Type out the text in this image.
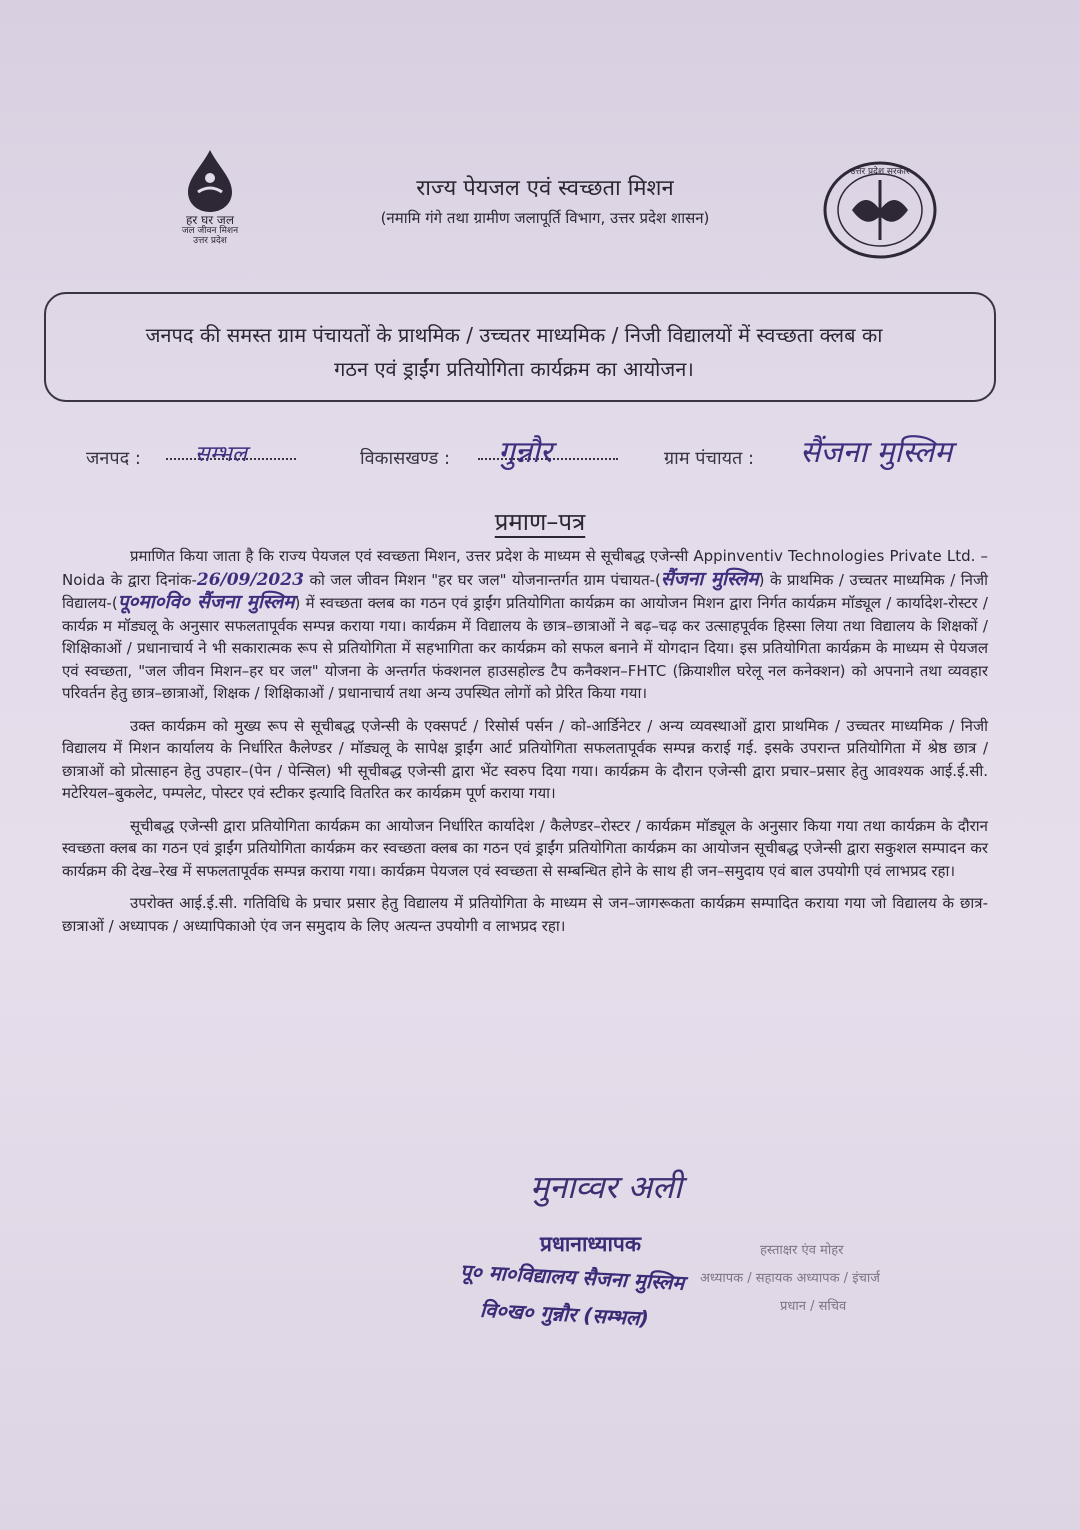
हर घर जल
जल जीवन मिशन
उत्तर प्रदेश
राज्य पेयजल एवं स्वच्छता मिशन
(नमामि गंगे तथा ग्रामीण जलापूर्ति विभाग, उत्तर प्रदेश शासन)
उत्तर प्रदेश सरकार
जनपद की समस्त ग्राम पंचायतों के प्राथमिक / उच्चतर माध्यमिक / निजी विद्यालयों में स्वच्छता क्लब का
गठन एवं ड्राईंग प्रतियोगिता कार्यक्रम का आयोजन।
जनपद : सम्भल	विकासखण्ड : गुन्नौर	ग्राम पंचायत : सैंजना मुस्लिम
प्रमाण–पत्र

प्रमाणित किया जाता है कि राज्य पेयजल एवं स्वच्छता मिशन, उत्तर प्रदेश के माध्यम से सूचीबद्ध एजेन्सी Appinventiv Technologies Private Ltd. – Noida के द्वारा दिनांक-26/09/2023 को जल जीवन मिशन "हर घर जल" योजनान्तर्गत ग्राम पंचायत-(सैंजना मुस्लिम) के प्राथमिक / उच्चतर माध्यमिक / निजी विद्यालय-(पू०मा०वि० सैंजना मुस्लिम) में स्वच्छता क्लब का गठन एवं ड्राईंग प्रतियोगिता कार्यक्रम का आयोजन मिशन द्वारा निर्गत कार्यक्रम मॉड्यूल / कार्यादेश-रोस्टर / कार्यक्र म मॉड्यलू के अनुसार सफलतापूर्वक सम्पन्न कराया गया। कार्यक्रम में विद्यालय के छात्र–छात्राओं ने बढ़–चढ़ कर उत्साहपूर्वक हिस्सा लिया तथा विद्यालय के शिक्षकों / शिक्षिकाओं / प्रधानाचार्य ने भी सकारात्मक रूप से प्रतियोगिता में सहभागिता कर कार्यक्रम को सफल बनाने में योगदान दिया। इस प्रतियोगिता कार्यक्रम के माध्यम से पेयजल एवं स्वच्छता, "जल जीवन मिशन–हर घर जल" योजना के अन्तर्गत फंक्शनल हाउसहोल्ड टैप कनैक्शन–FHTC (क्रियाशील घरेलू नल कनेक्शन) को अपनाने तथा व्यवहार परिवर्तन हेतु छात्र–छात्राओं, शिक्षक / शिक्षिकाओं / प्रधानाचार्य तथा अन्य उपस्थित लोगों को प्रेरित किया गया।

उक्त कार्यक्रम को मुख्य रूप से सूचीबद्ध एजेन्सी के एक्सपर्ट / रिसोर्स पर्सन / को-आर्डिनेटर / अन्य व्यवस्थाओं द्वारा प्राथमिक / उच्चतर माध्यमिक / निजी विद्यालय में मिशन कार्यालय के निर्धारित कैलेण्डर / मॉड्यलू के सापेक्ष ड्राईंग आर्ट प्रतियोगिता सफलतापूर्वक सम्पन्न कराई गई. इसके उपरान्त प्रतियोगिता में श्रेष्ठ छात्र / छात्राओं को प्रोत्साहन हेतु उपहार–(पेन / पेन्सिल) भी सूचीबद्ध एजेन्सी द्वारा भेंट स्वरुप दिया गया। कार्यक्रम के दौरान एजेन्सी द्वारा प्रचार–प्रसार हेतु आवश्यक आई.ई.सी. मटेरियल–बुकलेट, पम्पलेट, पोस्टर एवं स्टीकर इत्यादि वितरित कर कार्यक्रम पूर्ण कराया गया।

सूचीबद्ध एजेन्सी द्वारा प्रतियोगिता कार्यक्रम का आयोजन निर्धारित कार्यादेश / कैलेण्डर–रोस्टर / कार्यक्रम मॉड्यूल के अनुसार किया गया तथा कार्यक्रम के दौरान स्वच्छता क्लब का गठन एवं ड्राईंग प्रतियोगिता कार्यक्रम कर स्वच्छता क्लब का गठन एवं ड्राईंग प्रतियोगिता कार्यक्रम का आयोजन सूचीबद्ध एजेन्सी द्वारा सकुशल सम्पादन कर कार्यक्रम की देख–रेख में सफलतापूर्वक सम्पन्न कराया गया। कार्यक्रम पेयजल एवं स्वच्छता से सम्बन्धित होने के साथ ही जन–समुदाय एवं बाल उपयोगी एवं लाभप्रद रहा।

उपरोक्त आई.ई.सी. गतिविधि के प्रचार प्रसार हेतु विद्यालय में प्रतियोगिता के माध्यम से जन–जागरूकता कार्यक्रम सम्पादित कराया गया जो विद्यालय के छात्र-छात्राओं / अध्यापक / अध्यापिकाओ एंव जन समुदाय के लिए अत्यन्त उपयोगी व लाभप्रद रहा।

मुनाव्वर अली
प्रधानाध्यापक
पू० मा०विद्यालय सैजना मुस्लिम
वि०ख० गुन्नौर (सम्भल)
हस्ताक्षर एंव मोहर
अध्यापक / सहायक अध्यापक / इंचार्ज
प्रधान / सचिव
